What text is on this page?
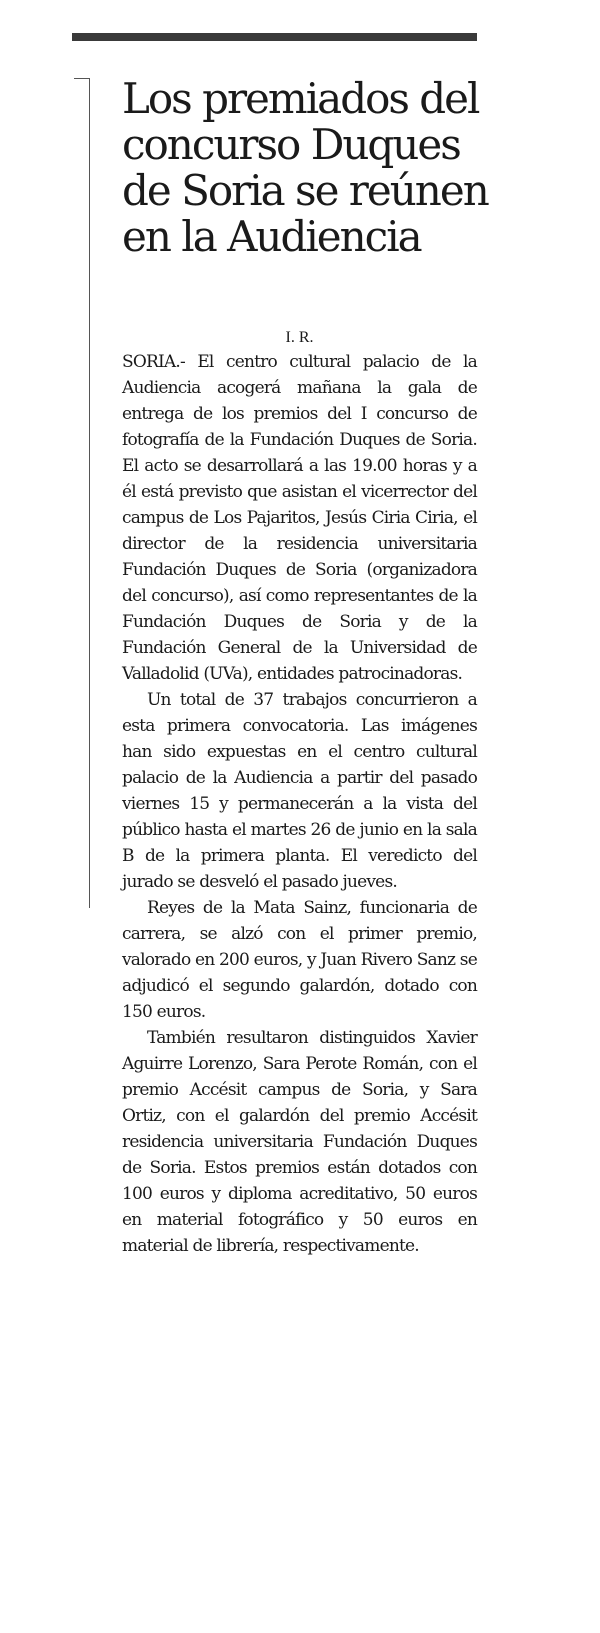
Los premiados del concurso Duques de Soria se reúnen en la Audiencia
I. R.

SORIA.- El centro cultural palacio de la Audiencia acogerá mañana la gala de entrega de los premios del I concurso de fotografía de la Fundación Duques de Soria. El acto se desarrollará a las 19.00 horas y a él está previsto que asistan el vicerrector del campus de Los Pajaritos, Jesús Ciria Ciria, el director de la residencia universitaria Fundación Duques de Soria (organizadora del concurso), así como representantes de la Fundación Duques de Soria y de la Fundación General de la Universidad de Valladolid (UVa), entidades patrocinadoras.

Un total de 37 trabajos concurrieron a esta primera convocatoria. Las imágenes han sido expuestas en el centro cultural palacio de la Audiencia a partir del pasado viernes 15 y permanecerán a la vista del público hasta el martes 26 de junio en la sala B de la primera planta. El veredicto del jurado se desveló el pasado jueves.

Reyes de la Mata Sainz, funcionaria de carrera, se alzó con el primer premio, valorado en 200 euros, y Juan Rivero Sanz se adjudicó el segundo galardón, dotado con 150 euros.

También resultaron distinguidos Xavier Aguirre Lorenzo, Sara Perote Román, con el premio Accésit campus de Soria, y Sara Ortiz, con el galardón del premio Accésit residencia universitaria Fundación Duques de Soria. Estos premios están dotados con 100 euros y diploma acreditativo, 50 euros en material fotográfico y 50 euros en material de librería, respectivamente.
